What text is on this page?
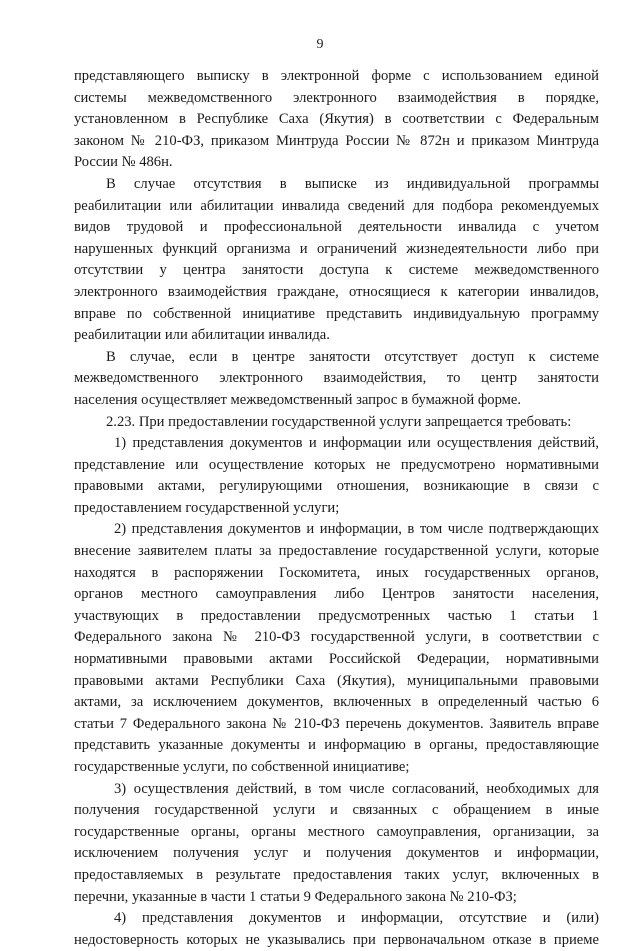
9
представляющего выписку в электронной форме с использованием единой
системы межведомственного электронного взаимодействия в порядке,
установленном в Республике Саха (Якутия) в соответствии с Федеральным
законом № 210-ФЗ, приказом Минтруда России № 872н и приказом Минтруда
России № 486н.
В случае отсутствия в выписке из индивидуальной программы
реабилитации или абилитации инвалида сведений для подбора рекомендуемых
видов трудовой и профессиональной деятельности инвалида с учетом
нарушенных функций организма и ограничений жизнедеятельности либо при
отсутствии у центра занятости доступа к системе межведомственного
электронного взаимодействия граждане, относящиеся к категории инвалидов,
вправе по собственной инициативе представить индивидуальную программу
реабилитации или абилитации инвалида.
В случае, если в центре занятости отсутствует доступ к системе
межведомственного электронного взаимодействия, то центр занятости
населения осуществляет межведомственный запрос в бумажной форме.
2.23. При предоставлении государственной услуги запрещается требовать:
1) представления документов и информации или осуществления действий,
представление или осуществление которых не предусмотрено нормативными
правовыми актами, регулирующими отношения, возникающие в связи с
предоставлением государственной услуги;
2) представления документов и информации, в том числе подтверждающих
внесение заявителем платы за предоставление государственной услуги, которые
находятся в распоряжении Госкомитета, иных государственных органов,
органов местного самоуправления либо Центров занятости населения,
участвующих в предоставлении предусмотренных частью 1 статьи 1
Федерального закона № 210-ФЗ государственной услуги, в соответствии с
нормативными правовыми актами Российской Федерации, нормативными
правовыми актами Республики Саха (Якутия), муниципальными правовыми
актами, за исключением документов, включенных в определенный частью 6
статьи 7 Федерального закона № 210-ФЗ перечень документов. Заявитель вправе
представить указанные документы и информацию в органы, предоставляющие
государственные услуги, по собственной инициативе;
3) осуществления действий, в том числе согласований, необходимых для
получения государственной услуги и связанных с обращением в иные
государственные органы, органы местного самоуправления, организации, за
исключением получения услуг и получения документов и информации,
предоставляемых в результате предоставления таких услуг, включенных в
перечни, указанные в части 1 статьи 9 Федерального закона № 210-ФЗ;
4) представления документов и информации, отсутствие и (или)
недостоверность которых не указывались при первоначальном отказе в приеме
